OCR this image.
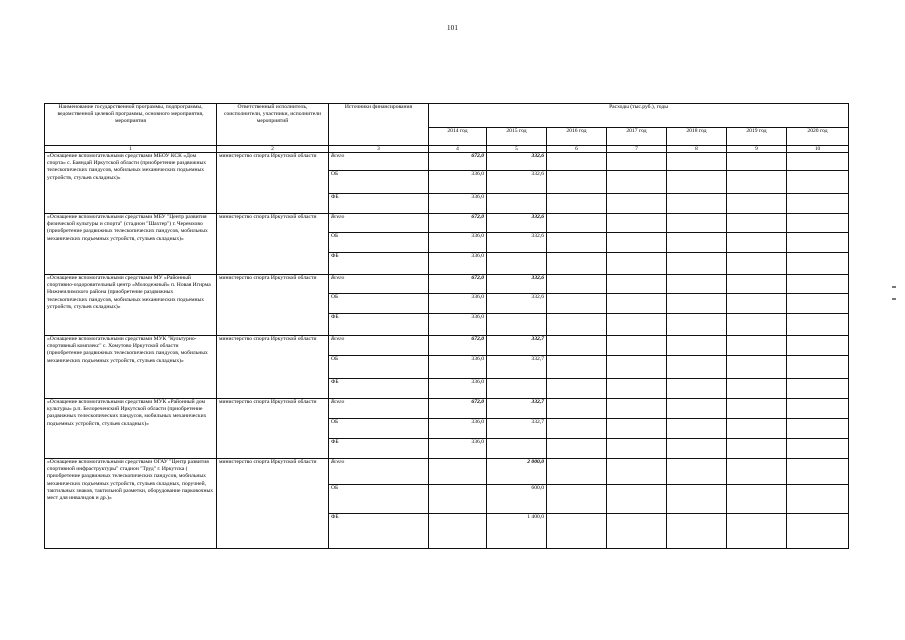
101
Наименование государственной программы, подпрограммы, ведомственной целевой программы, основного мероприятия, мероприятия	Ответственный исполнитель, соисполнители, участники, исполнители мероприятий	Источники финансирования	Расходы (тыс.руб.), годы						
			2014 год	2015 год	2016 год	2017 год	2018 год	2019 год	2020 год
1	2	3	4	5	6	7	8	9	10
«Оснащение вспомогательными средствами МБОУ КСК «Дом спорта» с. Баяндай Иркутской области (приобретение раздвижных телескопических пандусов, мобильных механических подъемных устройств, стульев складных)»	министерство спорта Иркутской области	Всего	672,0	332,6					
		ОБ	336,0	332,6					
		ФБ	336,0						
«Оснащение вспомогательными средствами МБУ "Центр развития физической культуры и спорта" (стадион "Шахтер") г. Черемхово (приобретение раздвижных телескопических пандусов, мобильных механических подъемных устройств, стульев складных)»	министерство спорта Иркутской области	Всего	672,0	332,6					
		ОБ	336,0	332,6					
		ФБ	336,0						
«Оснащение вспомогательными средствами МУ «Районный спортивно-оздоровительный центр «Молодежный» п. Новая Игирма Нижнеилимского района (приобретение раздвижных телескопических пандусов, мобильных механических подъемных устройств, стульев складных)»	министерство спорта Иркутской области	Всего	672,0	332,6					
		ОБ	336,0	332,6					
		ФБ	336,0						
«Оснащение вспомогательными средствами МУК "Культурно-спортивный комплекс" с. Хомутово Иркутской области (приобретение раздвижных телескопических пандусов, мобильных механических подъемных устройств, стульев складных)»	министерство спорта Иркутской области	Всего	672,0	332,7					
		ОБ	336,0	332,7					
		ФБ	336,0						
«Оснащение вспомогательными средствами МУК «Районный дом культуры» р.п. Белореченский Иркутской области (приобретение раздвижных телескопических пандусов, мобильных механических подъемных устройств, стульев складных)»	министерство спорта Иркутской области	Всего	672,0	332,7					
		ОБ	336,0	332,7					
		ФБ	336,0						
«Оснащение вспомогательными средствами ОГАУ "Центр развития спортивной инфраструктуры" стадион "Труд" г. Иркутска ( приобретение раздвижных телескопических пандусов, мобильных механических подъемных устройств, стульев складных, поручней, тактильных знаков, тактильной разметки, оборудование парковочных мест для инвалидов и др.)»	министерство спорта Иркутской области	Всего		2 000,0					
		ОБ		600,0					
		ФБ		1 400,0					
